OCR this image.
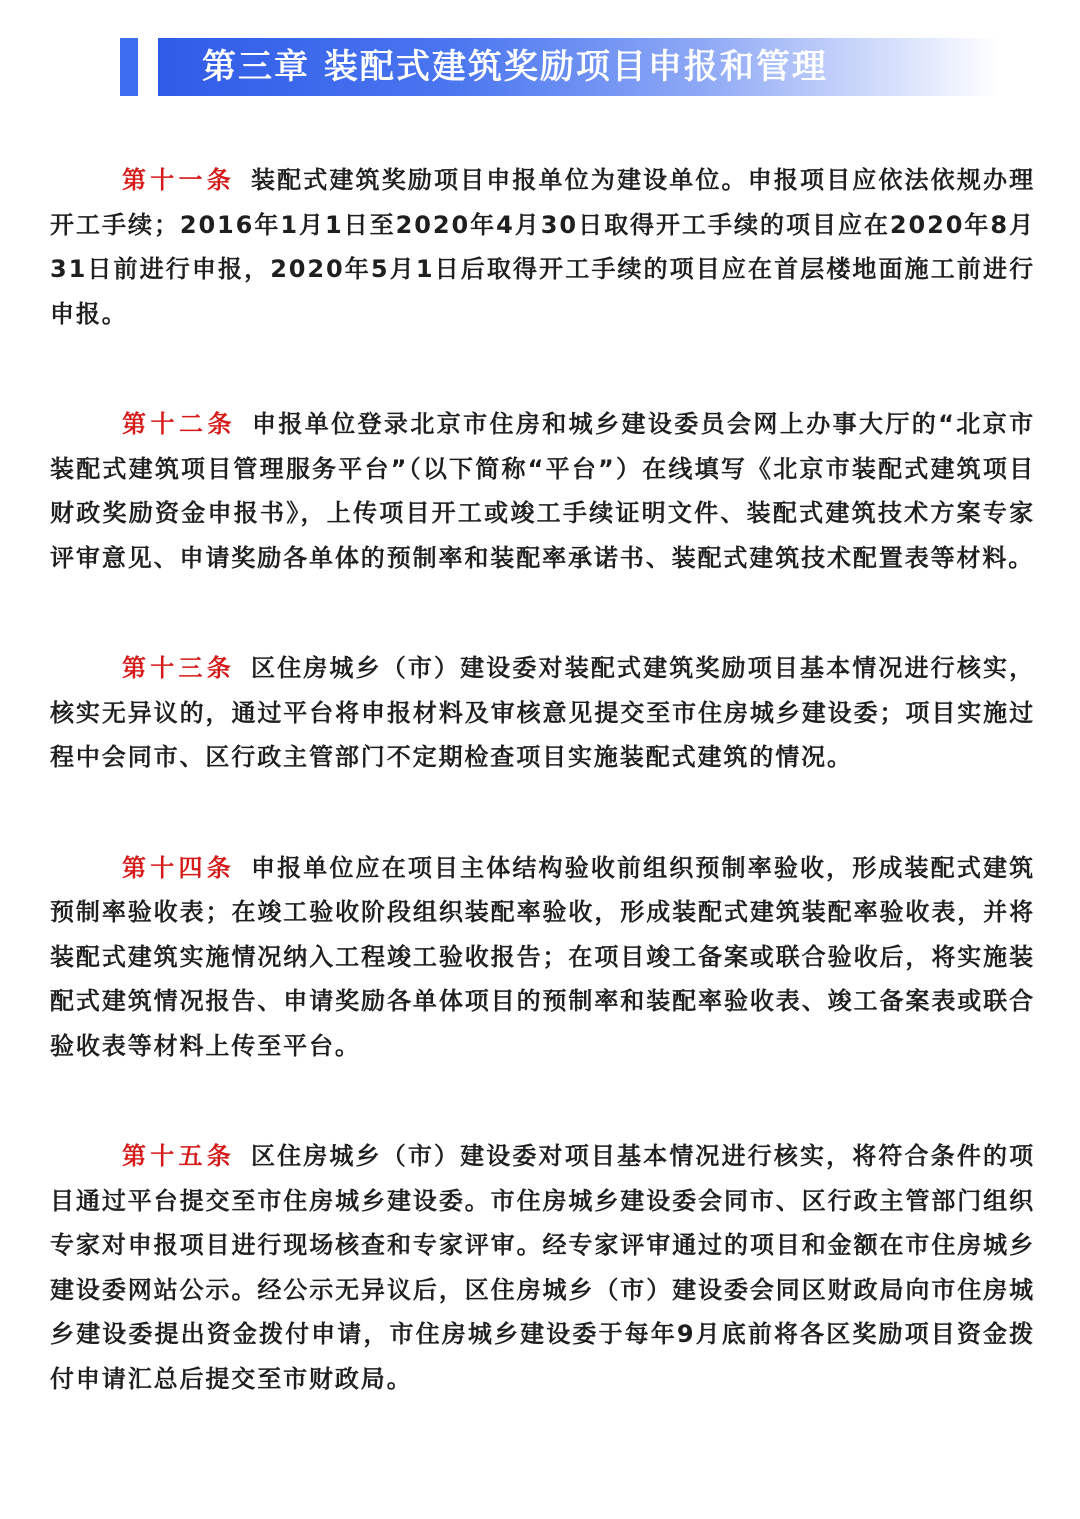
第三章 装配式建筑奖励项目申报和管理

第十一条 装配式建筑奖励项目申报单位为建设单位。申报项目应依法依规办理开工手续；2016年1月1日至2020年4月30日取得开工手续的项目应在2020年8月31日前进行申报，2020年5月1日后取得开工手续的项目应在首层楼地面施工前进行申报。

第十二条 申报单位登录北京市住房和城乡建设委员会网上办事大厅的“北京市装配式建筑项目管理服务平台”（以下简称“平台”）在线填写《北京市装配式建筑项目财政奖励资金申报书》，上传项目开工或竣工手续证明文件、装配式建筑技术方案专家评审意见、申请奖励各单体的预制率和装配率承诺书、装配式建筑技术配置表等材料。

第十三条 区住房城乡（市）建设委对装配式建筑奖励项目基本情况进行核实，核实无异议的，通过平台将申报材料及审核意见提交至市住房城乡建设委；项目实施过程中会同市、区行政主管部门不定期检查项目实施装配式建筑的情况。

第十四条 申报单位应在项目主体结构验收前组织预制率验收，形成装配式建筑预制率验收表；在竣工验收阶段组织装配率验收，形成装配式建筑装配率验收表，并将装配式建筑实施情况纳入工程竣工验收报告；在项目竣工备案或联合验收后，将实施装配式建筑情况报告、申请奖励各单体项目的预制率和装配率验收表、竣工备案表或联合验收表等材料上传至平台。

第十五条 区住房城乡（市）建设委对项目基本情况进行核实，将符合条件的项目通过平台提交至市住房城乡建设委。市住房城乡建设委会同市、区行政主管部门组织专家对申报项目进行现场核查和专家评审。经专家评审通过的项目和金额在市住房城乡建设委网站公示。经公示无异议后，区住房城乡（市）建设委会同区财政局向市住房城乡建设委提出资金拨付申请，市住房城乡建设委于每年9月底前将各区奖励项目资金拨付申请汇总后提交至市财政局。
